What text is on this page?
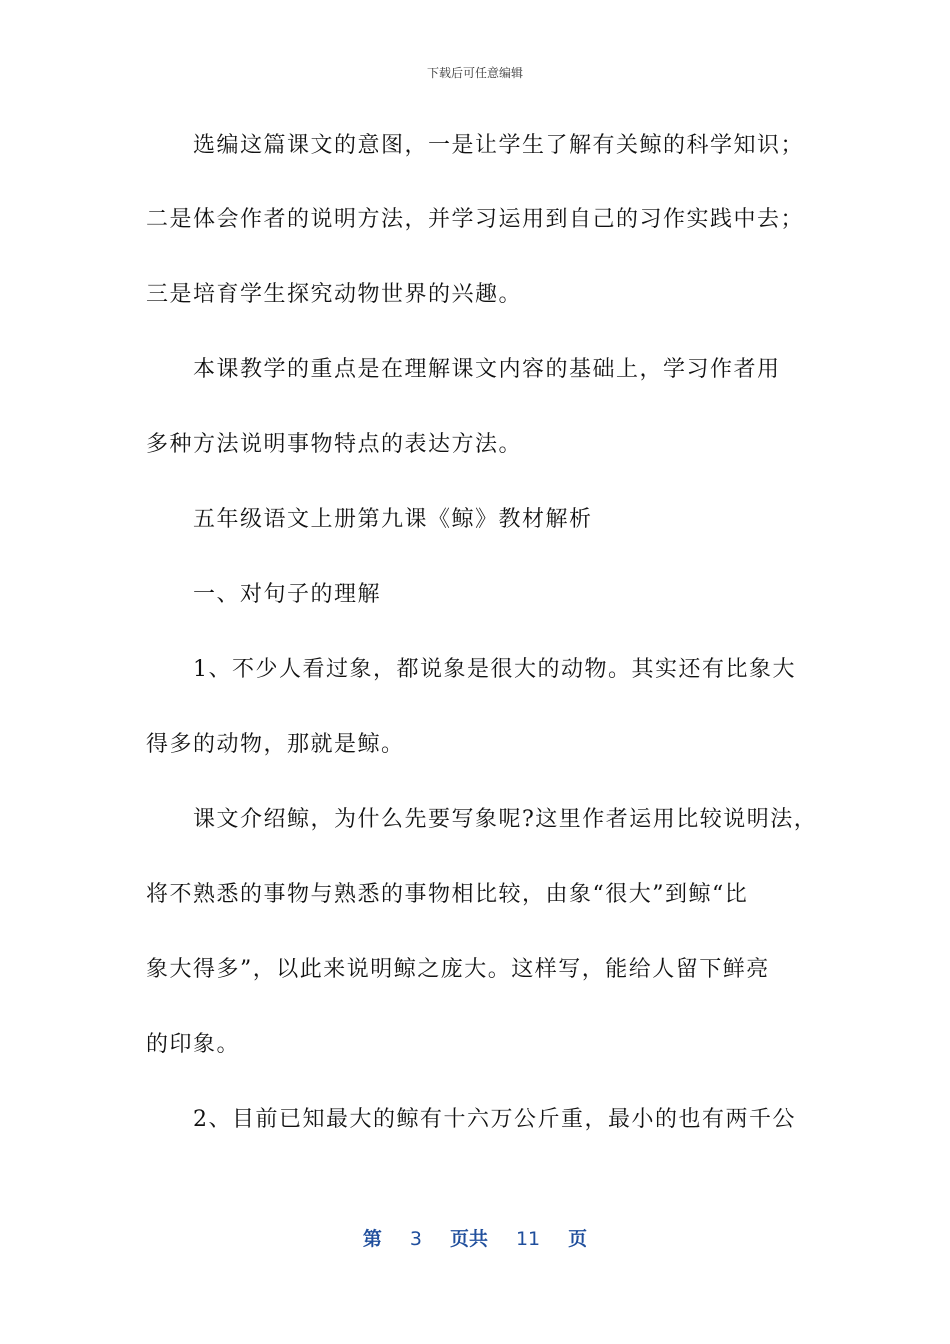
下载后可任意编辑
选编这篇课文的意图，一是让学生了解有关鲸的科学知识；
二是体会作者的说明方法，并学习运用到自己的习作实践中去；
三是培育学生探究动物世界的兴趣。
本课教学的重点是在理解课文内容的基础上，学习作者用
多种方法说明事物特点的表达方法。
五年级语文上册第九课《鲸》教材解析
一、对句子的理解
1、不少人看过象，都说象是很大的动物。其实还有比象大
得多的动物，那就是鲸。
课文介绍鲸，为什么先要写象呢?这里作者运用比较说明法，
将不熟悉的事物与熟悉的事物相比较，由象“很大”到鲸“比
象大得多”，以此来说明鲸之庞大。这样写，能给人留下鲜亮
的印象。
2、目前已知最大的鲸有十六万公斤重，最小的也有两千公
第 3 页共 11 页
